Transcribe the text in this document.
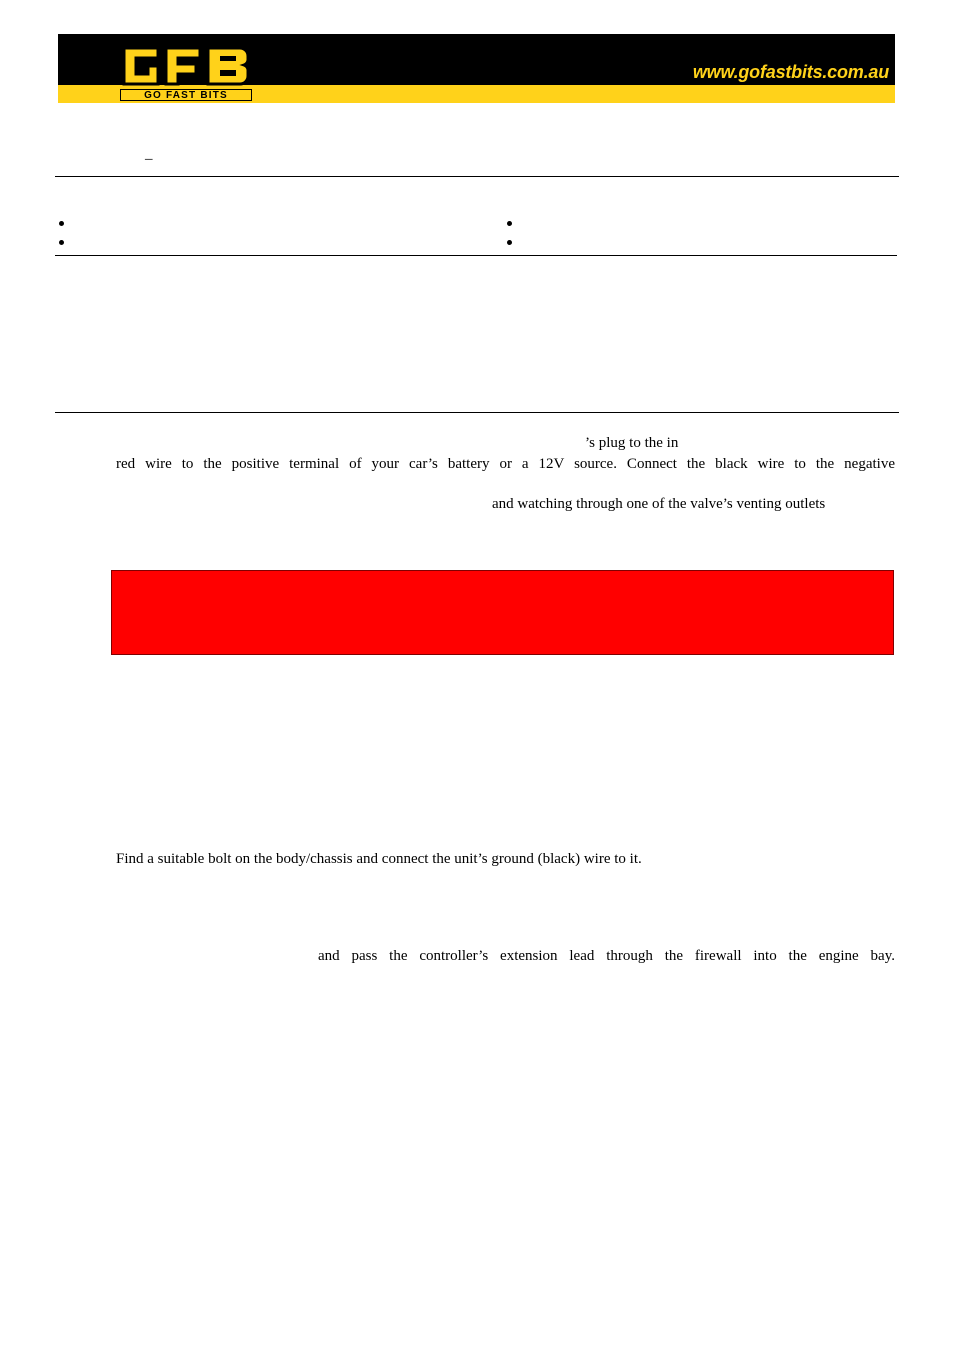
GO FAST BITS
www.gofastbits.com.au
–
’s plug to the in
red wire to the positive terminal of your car’s battery or a 12V source. Connect the black wire to the negative
and watching through one of the valve’s venting outlets
Find a suitable bolt on the body/chassis and connect the unit’s ground (black) wire to it.
and pass the controller’s extension lead through the firewall into the engine bay.
